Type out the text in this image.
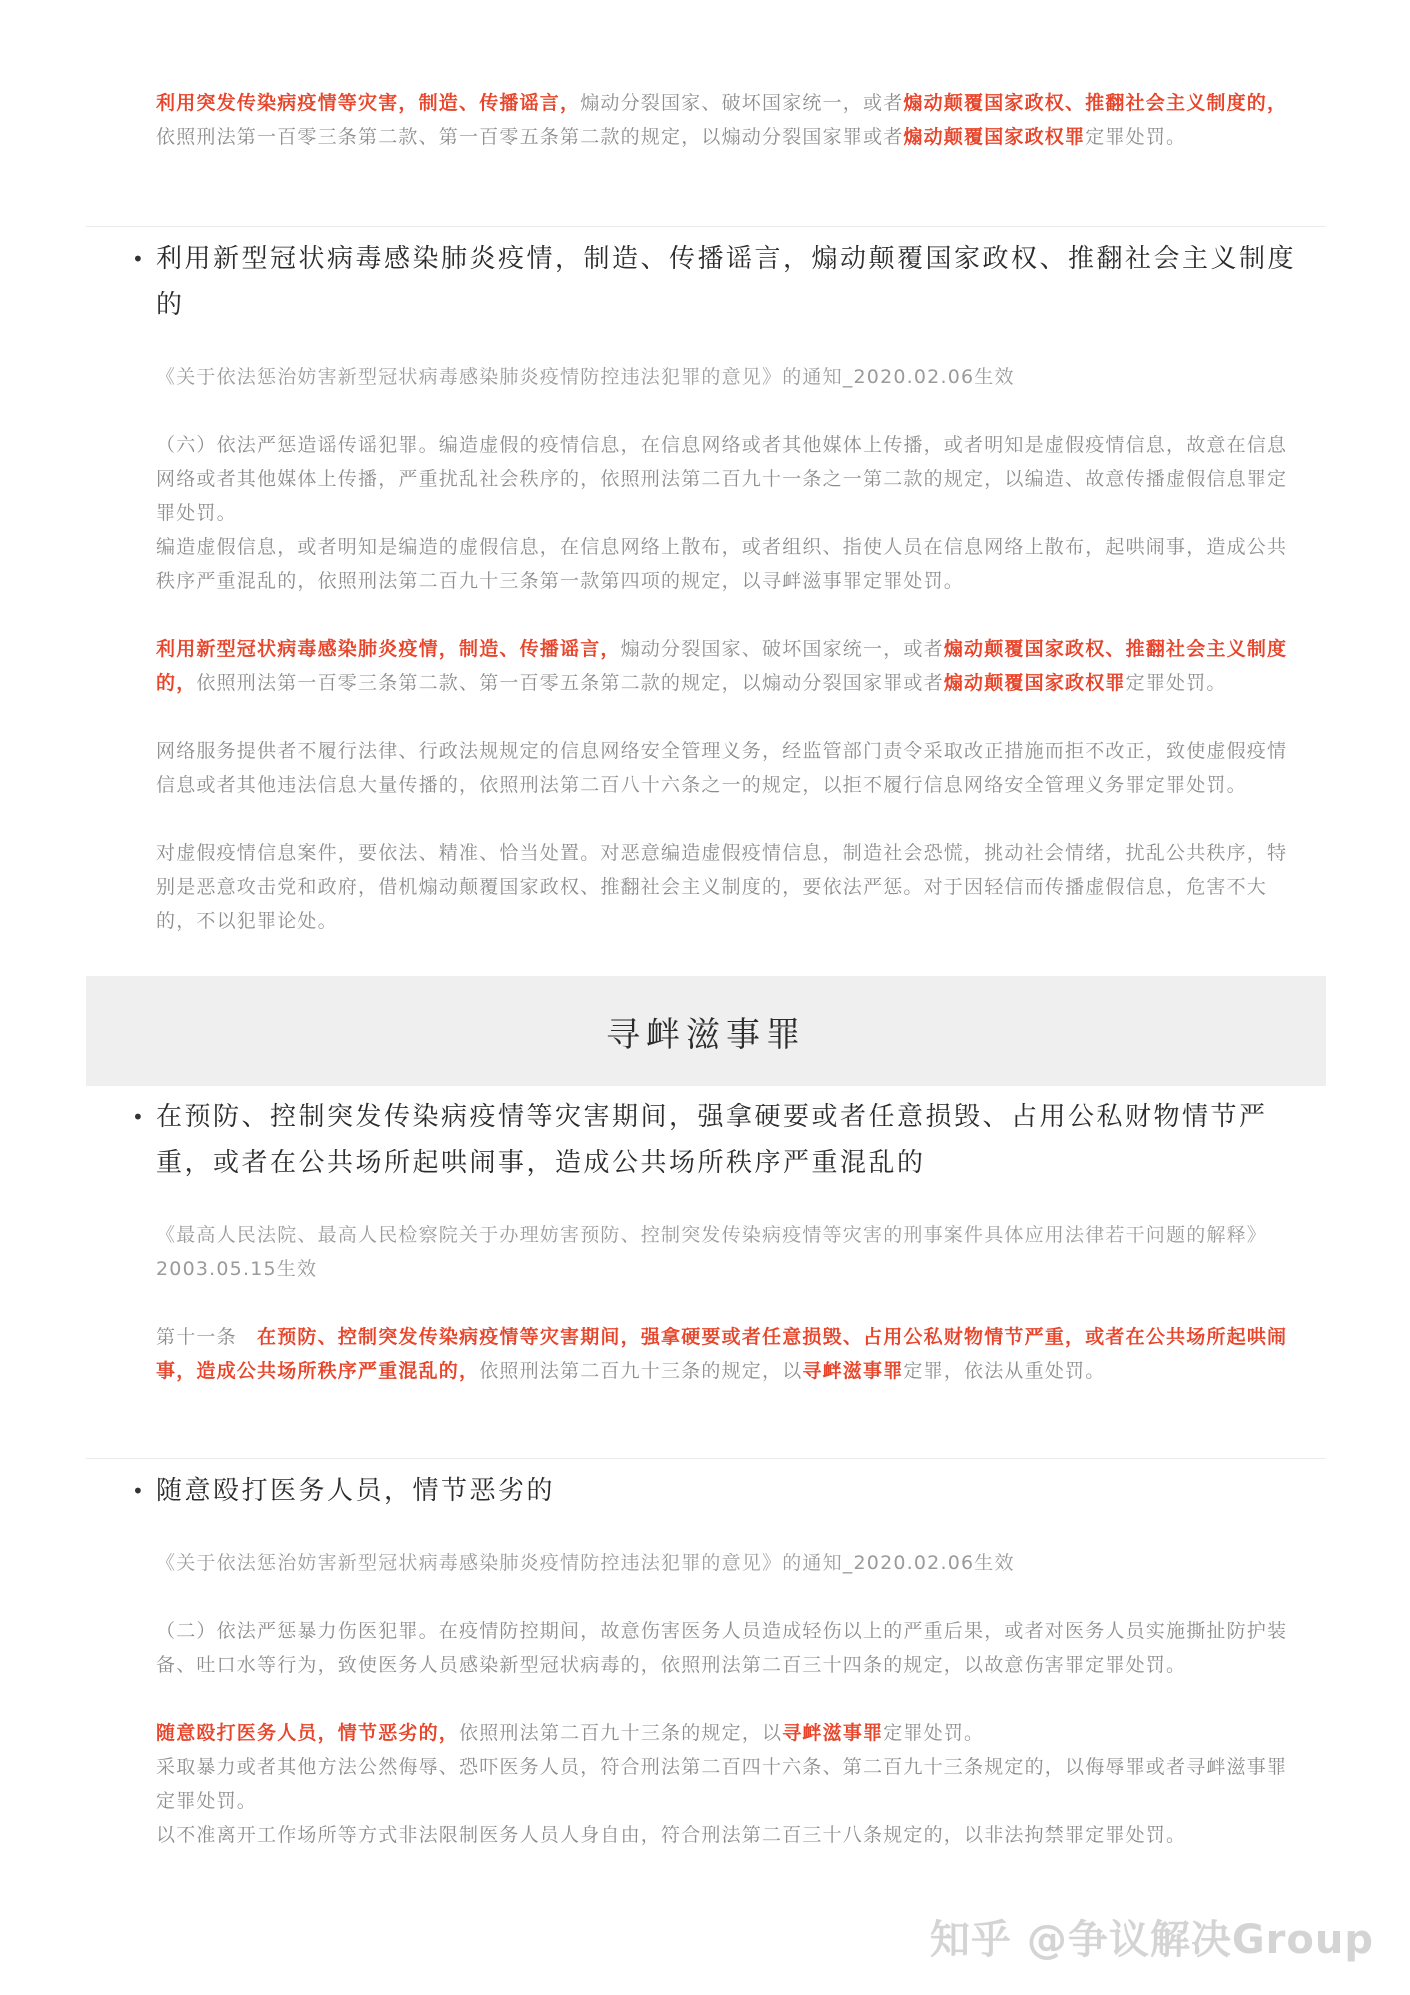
利用突发传染病疫情等灾害，制造、传播谣言，煽动分裂国家、破坏国家统一，或者煽动颠覆国家政权、推翻社会主义制度的，依照刑法第一百零三条第二款、第一百零五条第二款的规定，以煽动分裂国家罪或者煽动颠覆国家政权罪定罪处罚。
• 利用新型冠状病毒感染肺炎疫情，制造、传播谣言，煽动颠覆国家政权、推翻社会主义制度的
《关于依法惩治妨害新型冠状病毒感染肺炎疫情防控违法犯罪的意见》的通知_2020.02.06生效
（六）依法严惩造谣传谣犯罪。编造虚假的疫情信息，在信息网络或者其他媒体上传播，或者明知是虚假疫情信息，故意在信息网络或者其他媒体上传播，严重扰乱社会秩序的，依照刑法第二百九十一条之一第二款的规定，以编造、故意传播虚假信息罪定罪处罚。
编造虚假信息，或者明知是编造的虚假信息，在信息网络上散布，或者组织、指使人员在信息网络上散布，起哄闹事，造成公共秩序严重混乱的，依照刑法第二百九十三条第一款第四项的规定，以寻衅滋事罪定罪处罚。
利用新型冠状病毒感染肺炎疫情，制造、传播谣言，煽动分裂国家、破坏国家统一，或者煽动颠覆国家政权、推翻社会主义制度的，依照刑法第一百零三条第二款、第一百零五条第二款的规定，以煽动分裂国家罪或者煽动颠覆国家政权罪定罪处罚。
网络服务提供者不履行法律、行政法规规定的信息网络安全管理义务，经监管部门责令采取改正措施而拒不改正，致使虚假疫情信息或者其他违法信息大量传播的，依照刑法第二百八十六条之一的规定，以拒不履行信息网络安全管理义务罪定罪处罚。
对虚假疫情信息案件，要依法、精准、恰当处置。对恶意编造虚假疫情信息，制造社会恐慌，挑动社会情绪，扰乱公共秩序，特别是恶意攻击党和政府，借机煽动颠覆国家政权、推翻社会主义制度的，要依法严惩。对于因轻信而传播虚假信息，危害不大的，不以犯罪论处。
寻衅滋事罪
• 在预防、控制突发传染病疫情等灾害期间，强拿硬要或者任意损毁、占用公私财物情节严重，或者在公共场所起哄闹事，造成公共场所秩序严重混乱的
《最高人民法院、最高人民检察院关于办理妨害预防、控制突发传染病疫情等灾害的刑事案件具体应用法律若干问题的解释》2003.05.15生效
第十一条　在预防、控制突发传染病疫情等灾害期间，强拿硬要或者任意损毁、占用公私财物情节严重，或者在公共场所起哄闹事，造成公共场所秩序严重混乱的，依照刑法第二百九十三条的规定，以寻衅滋事罪定罪，依法从重处罚。
• 随意殴打医务人员，情节恶劣的
《关于依法惩治妨害新型冠状病毒感染肺炎疫情防控违法犯罪的意见》的通知_2020.02.06生效
（二）依法严惩暴力伤医犯罪。在疫情防控期间，故意伤害医务人员造成轻伤以上的严重后果，或者对医务人员实施撕扯防护装备、吐口水等行为，致使医务人员感染新型冠状病毒的，依照刑法第二百三十四条的规定，以故意伤害罪定罪处罚。
随意殴打医务人员，情节恶劣的，依照刑法第二百九十三条的规定，以寻衅滋事罪定罪处罚。
采取暴力或者其他方法公然侮辱、恐吓医务人员，符合刑法第二百四十六条、第二百九十三条规定的，以侮辱罪或者寻衅滋事罪定罪处罚。
以不准离开工作场所等方式非法限制医务人员人身自由，符合刑法第二百三十八条规定的，以非法拘禁罪定罪处罚。
知乎 @争议解决Group
